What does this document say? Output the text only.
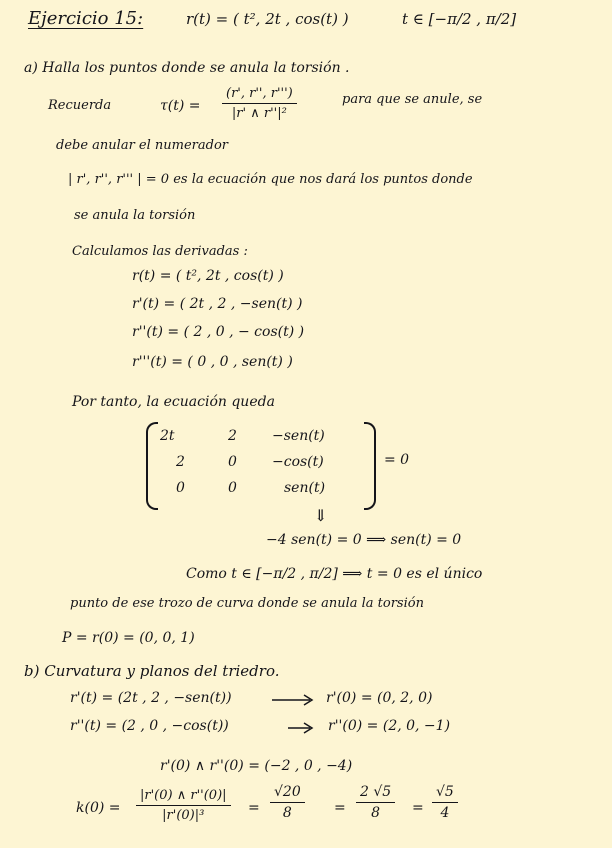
Ejercicio 15:	r(t) = ( t², 2t , cos(t) )	t ∈ [−π/2 , π/2]
a) Halla los puntos donde se anula la torsión .
Recuerda	$\tau(t) = \frac{(r', r'', r''')}{\text{|r' ∧ r''|²}}$	para que se anule, se
debe anular el numerador
| r', r'', r''' | = 0 es la ecuación que nos dará los puntos donde
se anula la torsión
Calculamos las derivadas :
r(t) = ( t², 2t , cos(t) )
r'(t) = ( 2t , 2 , −sen(t) )
r''(t) = ( 2 , 0 , − cos(t) )
r'''(t) = ( 0 , 0 , sen(t) )
Por tanto, la ecuación queda
2t	2	−sen(t)
2	0	−cos(t)
0	0	sen(t)
= 0
⇓
−4 sen(t) = 0 ⟹ sen(t) = 0
Como t ∈ [−π/2 , π/2] ⟹ t = 0 es el único
punto de ese trozo de curva donde se anula la torsión
P = r(0) = (0, 0, 1)
b) Curvatura y planos del triedro.
r'(t) = (2t , 2 , −sen(t))	r'(0) = (0, 2, 0)
r''(t) = (2 , 0 , −cos(t))	r''(0) = (2, 0, −1)
r'(0) ∧ r''(0) = (−2 , 0 , −4)
$k(0) = \frac{|r'(0) \wedge r''(0)|}{\text{|r'(0)|³}} = \frac{√20}{8} = \frac{2 √5}{8} = \frac{√5}{4}$
